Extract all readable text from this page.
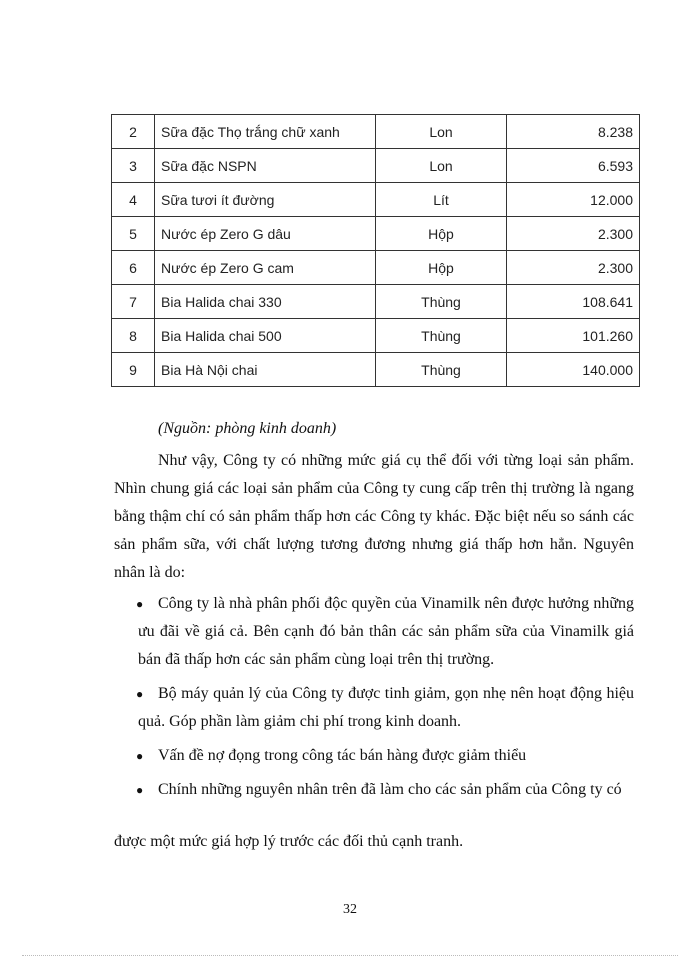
2	Sữa đặc Thọ trắng chữ xanh	Lon	8.238
3	Sữa đặc NSPN	Lon	6.593
4	Sữa tươi ít đường	Lít	12.000
5	Nước ép Zero G dâu	Hộp	2.300
6	Nước ép Zero G cam	Hộp	2.300
7	Bia Halida chai 330	Thùng	108.641
8	Bia Halida chai 500	Thùng	101.260
9	Bia Hà Nội chai	Thùng	140.000
(Nguồn: phòng kinh doanh)
Như vậy, Công ty có những mức giá cụ thể đối với từng loại sản phẩm. Nhìn chung giá các loại sản phẩm của Công ty cung cấp trên thị trường là ngang bằng thậm chí có sản phẩm thấp hơn các Công ty khác. Đặc biệt nếu so sánh các sản phẩm sữa, với chất lượng tương đương nhưng giá thấp hơn hẳn. Nguyên nhân là do:
● Công ty là nhà phân phối độc quyền của Vinamilk nên được hưởng những ưu đãi về giá cả. Bên cạnh đó bản thân các sản phẩm sữa của Vinamilk giá bán đã thấp hơn các sản phẩm cùng loại trên thị trường.
● Bộ máy quản lý của Công ty được tinh giảm, gọn nhẹ nên hoạt động hiệu quả. Góp phần làm giảm chi phí trong kinh doanh.
● Vấn đề nợ đọng trong công tác bán hàng được giảm thiểu
● Chính những nguyên nhân trên đã làm cho các sản phẩm của Công ty có
được một mức giá hợp lý trước các đối thủ cạnh tranh.
32
